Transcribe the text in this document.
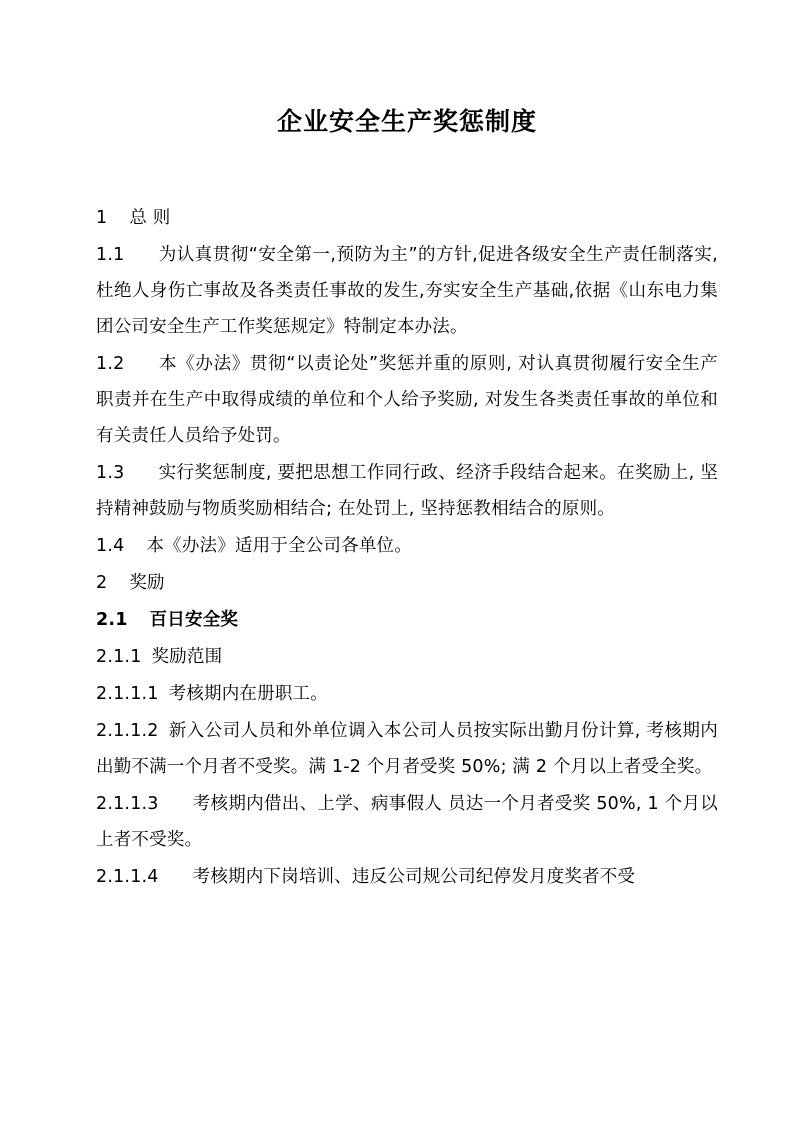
企业安全生产奖惩制度

1 总 则

1.1 为认真贯彻“安全第一,预防为主”的方针,促进各级安全生产责任制落实,杜绝人身伤亡事故及各类责任事故的发生,夯实安全生产基础,依据《山东电力集团公司安全生产工作奖惩规定》特制定本办法。

1.2 本《办法》贯彻“以责论处”奖惩并重的原则, 对认真贯彻履行安全生产职责并在生产中取得成绩的单位和个人给予奖励, 对发生各类责任事故的单位和有关责任人员给予处罚。

1.3 实行奖惩制度, 要把思想工作同行政、经济手段结合起来。在奖励上, 坚持精神鼓励与物质奖励相结合; 在处罚上, 坚持惩教相结合的原则。

1.4 本《办法》适用于全公司各单位。

2 奖励

2.1 百日安全奖

2.1.1 奖励范围

2.1.1.1 考核期内在册职工。

2.1.1.2 新入公司人员和外单位调入本公司人员按实际出勤月份计算, 考核期内出勤不满一个月者不受奖。满 1-2 个月者受奖 50%; 满 2 个月以上者受全奖。

2.1.1.3 考核期内借出、上学、病事假人 员达一个月者受奖 50%, 1 个月以上者不受奖。

2.1.1.4 考核期内下岗培训、违反公司规公司纪停发月度奖者不受
